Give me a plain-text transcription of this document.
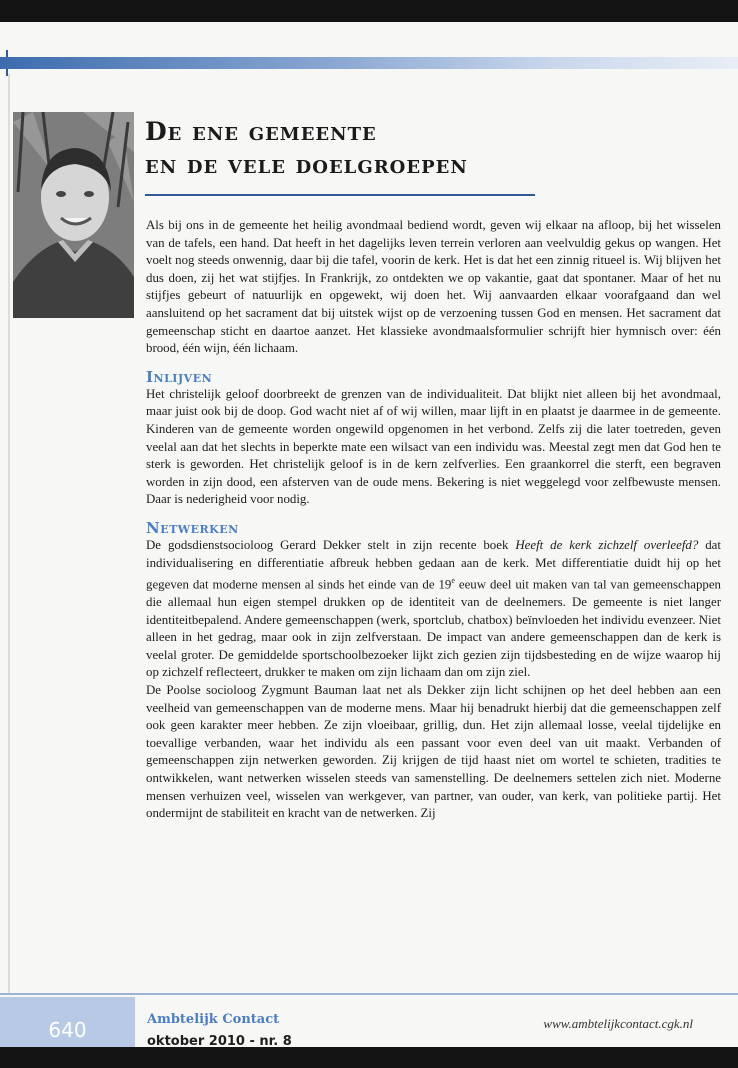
De ene gemeente
en de vele doelgroepen

Als bij ons in de gemeente het heilig avondmaal bediend wordt, geven wij elkaar na afloop, bij het wisselen van de tafels, een hand. Dat heeft in het dagelijks leven terrein verloren aan veelvuldig gekus op wangen. Het voelt nog steeds onwennig, daar bij die tafel, voorin de kerk. Het is dat het een zinnig ritueel is. Wij blijven het dus doen, zij het wat stijfjes. In Frankrijk, zo ontdekten we op vakantie, gaat dat spontaner. Maar of het nu stijfjes gebeurt of natuurlijk en opgewekt, wij doen het. Wij aanvaarden elkaar voorafgaand dan wel aansluitend op het sacrament dat bij uitstek wijst op de verzoening tussen God en mensen. Het sacrament dat gemeenschap sticht en daartoe aanzet. Het klassieke avondmaalsformulier schrijft hier hymnisch over: één brood, één wijn, één lichaam.

Inlijven

Het christelijk geloof doorbreekt de grenzen van de individualiteit. Dat blijkt niet alleen bij het avondmaal, maar juist ook bij de doop. God wacht niet af of wij willen, maar lijft in en plaatst je daarmee in de gemeente. Kinderen van de gemeente worden ongewild opgenomen in het verbond. Zelfs zij die later toetreden, geven veelal aan dat het slechts in beperkte mate een wilsact van een individu was. Meestal zegt men dat God hen te sterk is geworden. Het christelijk geloof is in de kern zelfverlies. Een graankorrel die sterft, een begraven worden in zijn dood, een afsterven van de oude mens. Bekering is niet weggelegd voor zelfbewuste mensen. Daar is nederigheid voor nodig.

Netwerken

De godsdienstsocioloog Gerard Dekker stelt in zijn recente boek Heeft de kerk zichzelf overleefd? dat individualisering en differentiatie afbreuk hebben gedaan aan de kerk. Met differentiatie duidt hij op het gegeven dat moderne mensen al sinds het einde van de 19e eeuw deel uit maken van tal van gemeenschappen die allemaal hun eigen stempel drukken op de identiteit van de deelnemers. De gemeente is niet langer identiteitbepalend. Andere gemeenschappen (werk, sportclub, chatbox) beïnvloeden het individu evenzeer. Niet alleen in het gedrag, maar ook in zijn zelfverstaan. De impact van andere gemeenschappen dan de kerk is veelal groter. De gemiddelde sportschoolbezoeker lijkt zich gezien zijn tijdsbesteding en de wijze waarop hij op zichzelf reflecteert, drukker te maken om zijn lichaam dan om zijn ziel.

De Poolse socioloog Zygmunt Bauman laat net als Dekker zijn licht schijnen op het deel hebben aan een veelheid van gemeenschappen van de moderne mens. Maar hij benadrukt hierbij dat die gemeenschappen zelf ook geen karakter meer hebben. Ze zijn vloeibaar, grillig, dun. Het zijn allemaal losse, veelal tijdelijke en toevallige verbanden, waar het individu als een passant voor even deel van uit maakt. Verbanden of gemeenschappen zijn netwerken geworden. Zij krijgen de tijd haast niet om wortel te schieten, tradities te ontwikkelen, want netwerken wisselen steeds van samenstelling. De deelnemers settelen zich niet. Moderne mensen verhuizen veel, wisselen van werkgever, van partner, van ouder, van kerk, van politieke partij. Het ondermijnt de stabiliteit en kracht van de netwerken. Zij

640	Ambtelijk Contact
oktober 2010 - nr. 8
www.ambtelijkcontact.cgk.nl
